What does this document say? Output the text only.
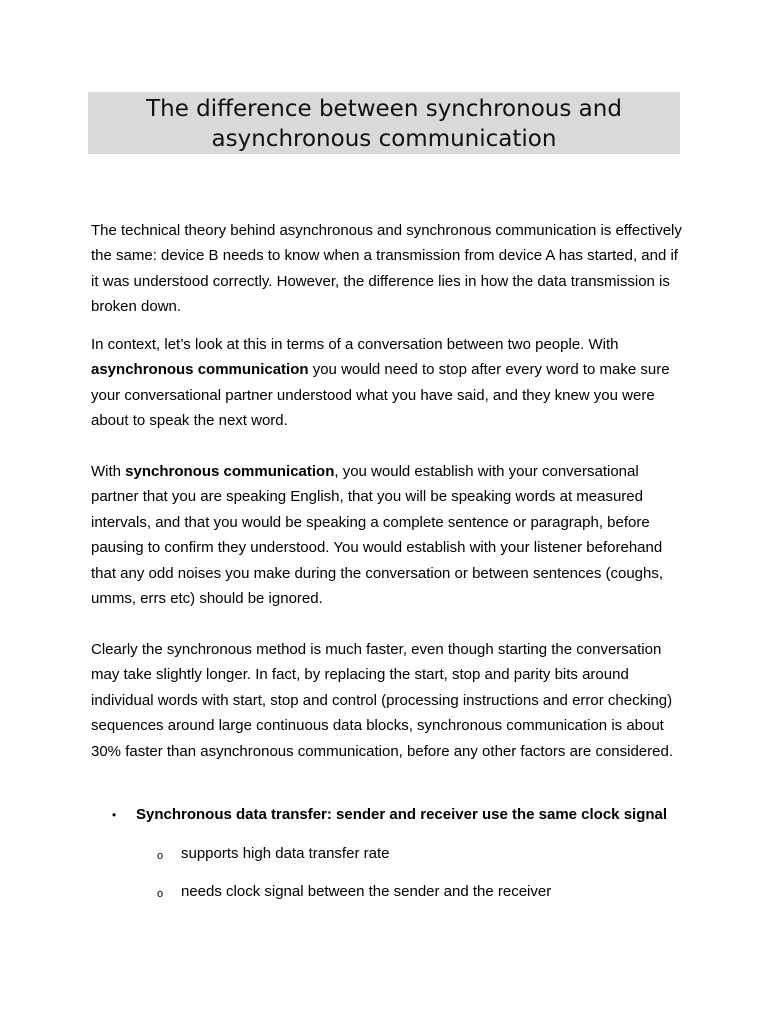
The difference between synchronous and
asynchronous communication

The technical theory behind asynchronous and synchronous communication is effectively the same: device B needs to know when a transmission from device A has started, and if it was understood correctly. However, the difference lies in how the data transmission is broken down.

In context, let’s look at this in terms of a conversation between two people. With asynchronous communication you would need to stop after every word to make sure your conversational partner understood what you have said, and they knew you were about to speak the next word.

With synchronous communication, you would establish with your conversational partner that you are speaking English, that you will be speaking words at measured intervals, and that you would be speaking a complete sentence or paragraph, before pausing to confirm they understood. You would establish with your listener beforehand that any odd noises you make during the conversation or between sentences (coughs, umms, errs etc) should be ignored.

Clearly the synchronous method is much faster, even though starting the conversation may take slightly longer. In fact, by replacing the start, stop and parity bits around individual words with start, stop and control (processing instructions and error checking) sequences around large continuous data blocks, synchronous communication is about 30% faster than asynchronous communication, before any other factors are considered.

• Synchronous data transfer: sender and receiver use the same clock signal
o supports high data transfer rate
o needs clock signal between the sender and the receiver
